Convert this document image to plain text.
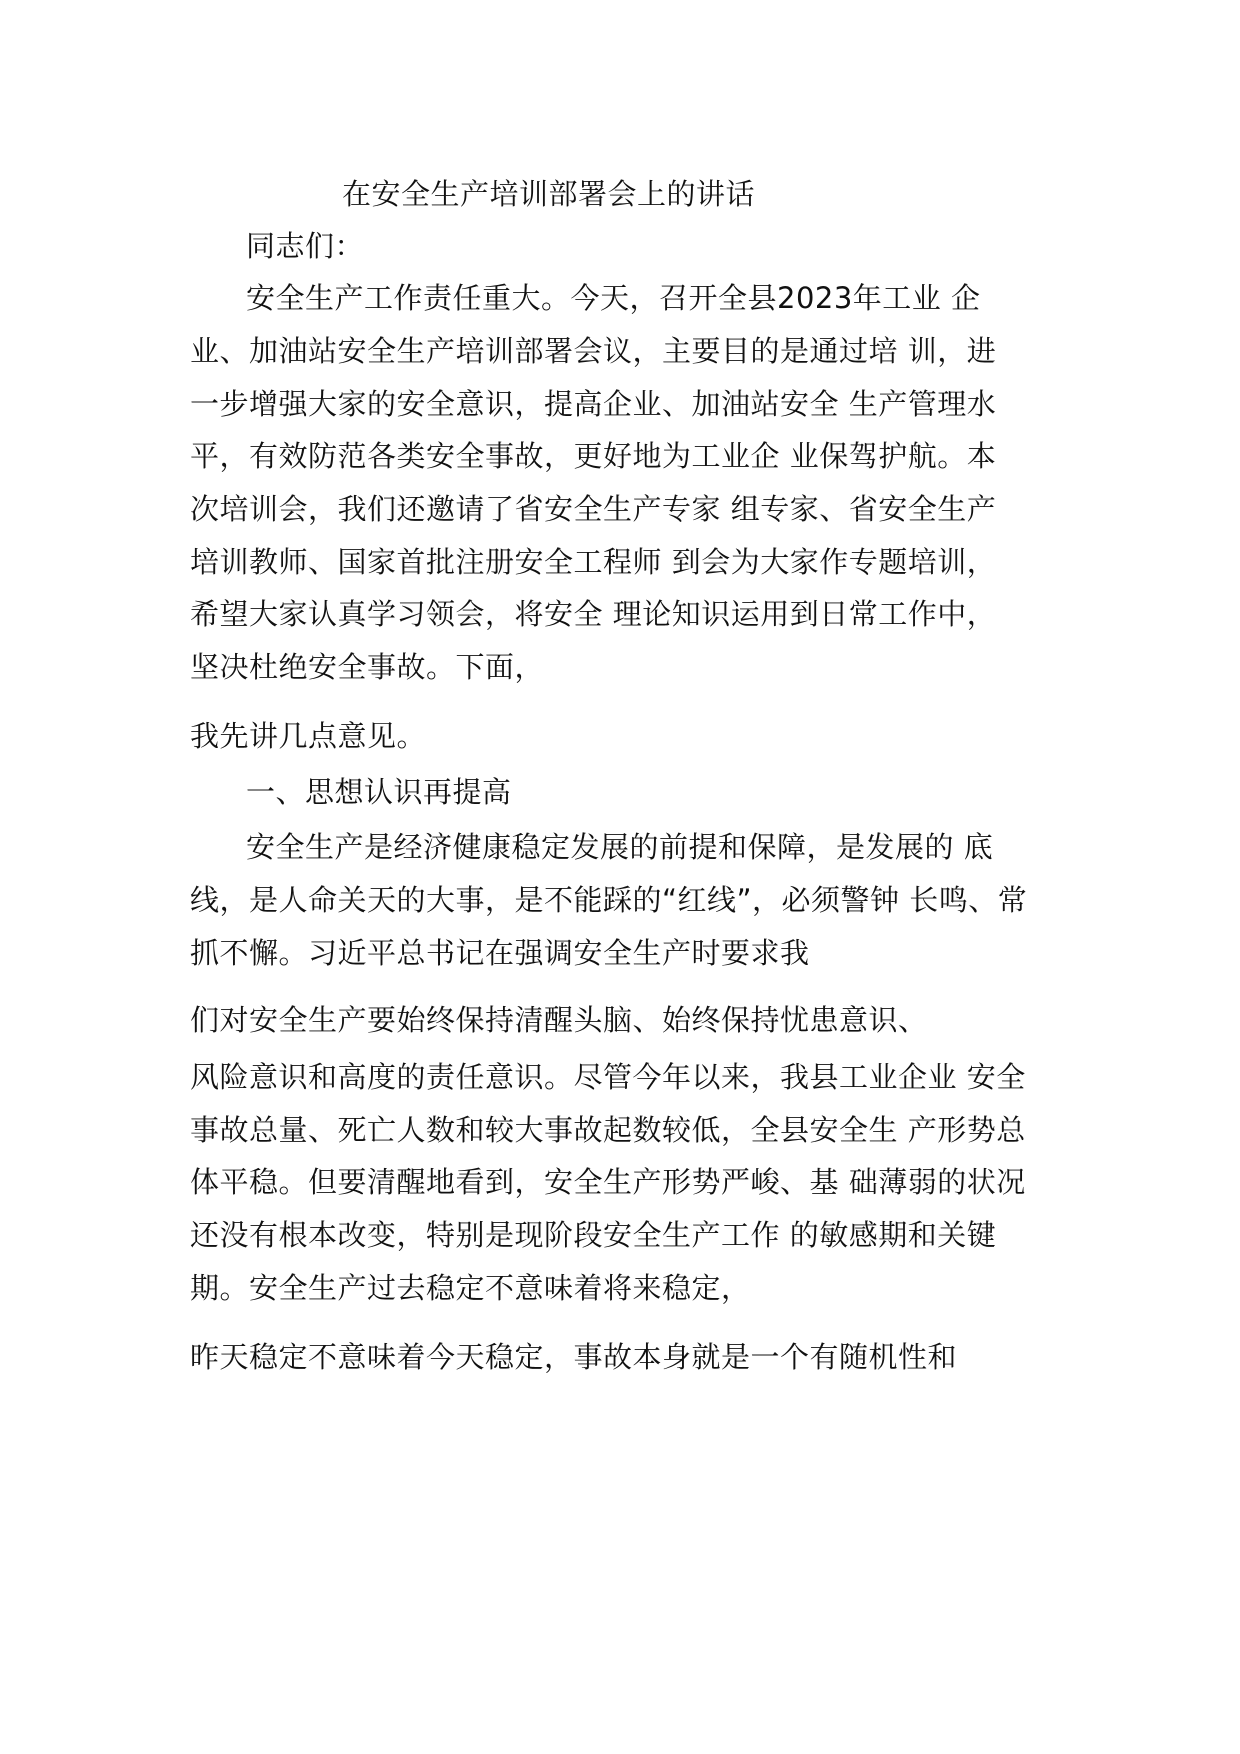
在安全生产培训部署会上的讲话
同志们：
安全生产工作责任重大。今天，召开全县2023年工业 企
业、加油站安全生产培训部署会议，主要目的是通过培 训，进
一步增强大家的安全意识，提高企业、加油站安全 生产管理水
平，有效防范各类安全事故，更好地为工业企 业保驾护航。本
次培训会，我们还邀请了省安全生产专家 组专家、省安全生产
培训教师、国家首批注册安全工程师 到会为大家作专题培训，
希望大家认真学习领会，将安全 理论知识运用到日常工作中，
坚决杜绝安全事故。下面，
我先讲几点意见。
一、思想认识再提高
安全生产是经济健康稳定发展的前提和保障，是发展的 底
线，是人命关天的大事，是不能踩的“红线”，必须警钟 长鸣、常
抓不懈。习近平总书记在强调安全生产时要求我
们对安全生产要始终保持清醒头脑、始终保持忧患意识、
风险意识和高度的责任意识。尽管今年以来，我县工业企业 安全
事故总量、死亡人数和较大事故起数较低，全县安全生 产形势总
体平稳。但要清醒地看到，安全生产形势严峻、基 础薄弱的状况
还没有根本改变，特别是现阶段安全生产工作 的敏感期和关键
期。安全生产过去稳定不意味着将来稳定，
昨天稳定不意味着今天稳定，事故本身就是一个有随机性和
